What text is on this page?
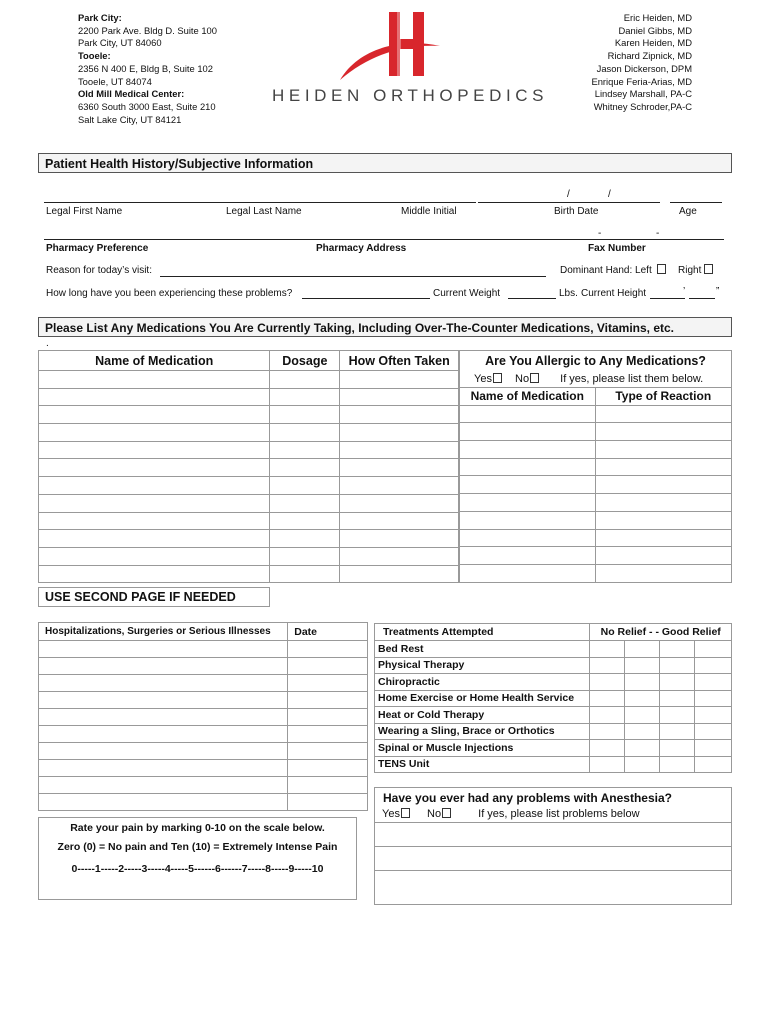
Park City:
2200 Park Ave. Bldg D. Suite 100
Park City, UT 84060
Tooele:
2356 N 400 E, Bldg B, Suite 102
Tooele, UT 84074
Old Mill Medical Center:
6360 South 3000 East, Suite 210
Salt Lake City, UT 84121
HEIDEN ORTHOPEDICS
Eric Heiden, MD
Daniel Gibbs, MD
Karen Heiden, MD
Richard Zipnick, MD
Jason Dickerson, DPM
Enrique Feria-Arias, MD
Lindsey Marshall, PA-C
Whitney Schroder,PA-C
Patient Health History/Subjective Information
/	/
Legal First Name	Legal Last Name	Middle Initial	Birth Date	Age
-	-
Pharmacy Preference	Pharmacy Address	Fax Number
Reason for today’s visit:	Dominant Hand: Left	Right
How long have you been experiencing these problems?	Current Weight	Lbs. Current Height	’	”
Please List Any Medications You Are Currently Taking, Including Over-The-Counter Medications, Vitamins, etc.
.
Name of Medication	Dosage	How Often Taken

			Are You Allergic to Any Medications?	
Yes No If yes, please list them below.	
Name of Medication	Type of Reaction

USE SECOND PAGE IF NEEDED
Hospitalizations, Surgeries or Serious Illnesses	Date

Rate your pain by marking 0-10 on the scale below.
Zero (0) = No pain and Ten (10) = Extremely Intense Pain
0-----1-----2-----3-----4-----5------6------7-----8-----9-----10
Treatments Attempted	No Relief - - Good Relief			
Bed Rest				
Physical Therapy				
Chiropractic				
Home Exercise or Home Health Service				
Heat or Cold Therapy				
Wearing a Sling, Brace or Orthotics				
Spinal or Muscle Injections				
TENS Unit				
Have you ever had any problems with Anesthesia?
Yes No	If yes, please list problems below
